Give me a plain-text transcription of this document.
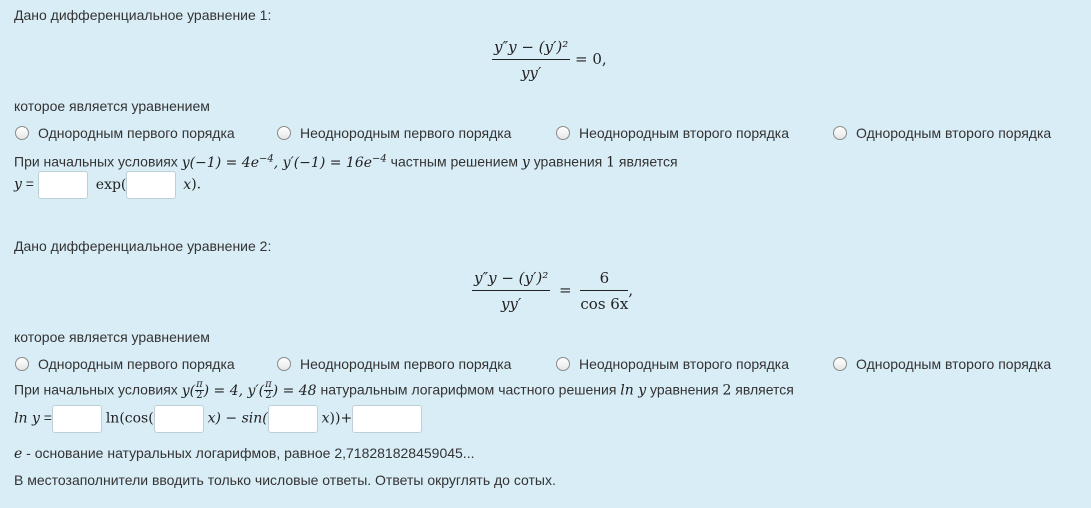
Дано дифференциальное уравнение 1:
$\frac{\text{y″y − (y′)²}}{yy'} = 0$,
которое является уравнением
Однородным первого порядка	Неоднородным первого порядка	Неоднородным второго порядка	Однородным второго порядка
При начальных условиях $y(-1) = 4e^{-4}$, $y'(-1) = 16e^{-4}$ частным решением y уравнения 1 является
y =	exp(	x).
Дано дифференциальное уравнение 2:
$\frac{\text{y″y − (y′)²}}{yy'} = \frac{6}{\cos 6x}$ ,
которое является уравнением
Однородным первого порядка	Неоднородным первого порядка	Неоднородным второго порядка	Однородным второго порядка
При начальных условиях $y( \frac{\pi}{2}$ ) = 4, $y'( \frac{\pi}{2}$ ) = 48 натуральным логарифмом частного решения ln y уравнения 2 является
ln y =	ln(cos(	x) − sin(	x))+
e - основание натуральных логарифмов, равное 2,718281828459045...
В местозаполнители вводить только числовые ответы. Ответы округлять до сотых.
